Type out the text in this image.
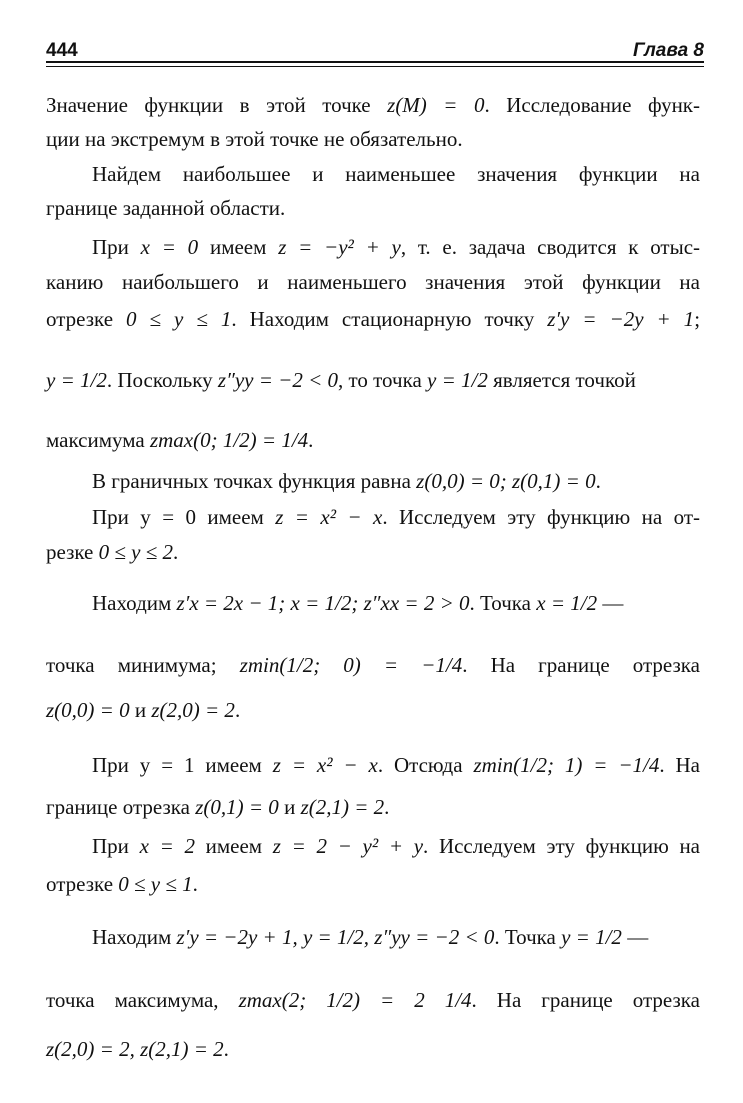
444	Глава 8
Значение функции в этой точке z(M) = 0. Исследование функ-
ции на экстремум в этой точке не обязательно.
Найдем наибольшее и наименьшее значения функции на
границе заданной области.
При x = 0 имеем z = −y² + y, т. е. задача сводится к отыс-
канию наибольшего и наименьшего значения этой функции на
отрезке 0 ≤ y ≤ 1. Находим стационарную точку z′y = −2y + 1;
y = 1/2. Поскольку z″yy = −2 < 0, то точка y = 1/2 является точкой
максимума zmax(0; 1/2) = 1/4.
В граничных точках функция равна z(0,0) = 0; z(0,1) = 0.
При y = 0 имеем z = x² − x. Исследуем эту функцию на от-
резке 0 ≤ y ≤ 2.
Находим z′x = 2x − 1; x = 1/2; z″xx = 2 > 0. Точка x = 1/2 —
точка минимума; zmin(1/2; 0) = −1/4. На границе отрезка
z(0,0) = 0 и z(2,0) = 2.
При y = 1 имеем z = x² − x. Отсюда zmin(1/2; 1) = −1/4. На
границе отрезка z(0,1) = 0 и z(2,1) = 2.
При x = 2 имеем z = 2 − y² + y. Исследуем эту функцию на
отрезке 0 ≤ y ≤ 1.
Находим z′y = −2y + 1, y = 1/2, z″yy = −2 < 0. Точка y = 1/2 —
точка максимума, zmax(2; 1/2) = 2 1/4. На границе отрезка
z(2,0) = 2, z(2,1) = 2.
